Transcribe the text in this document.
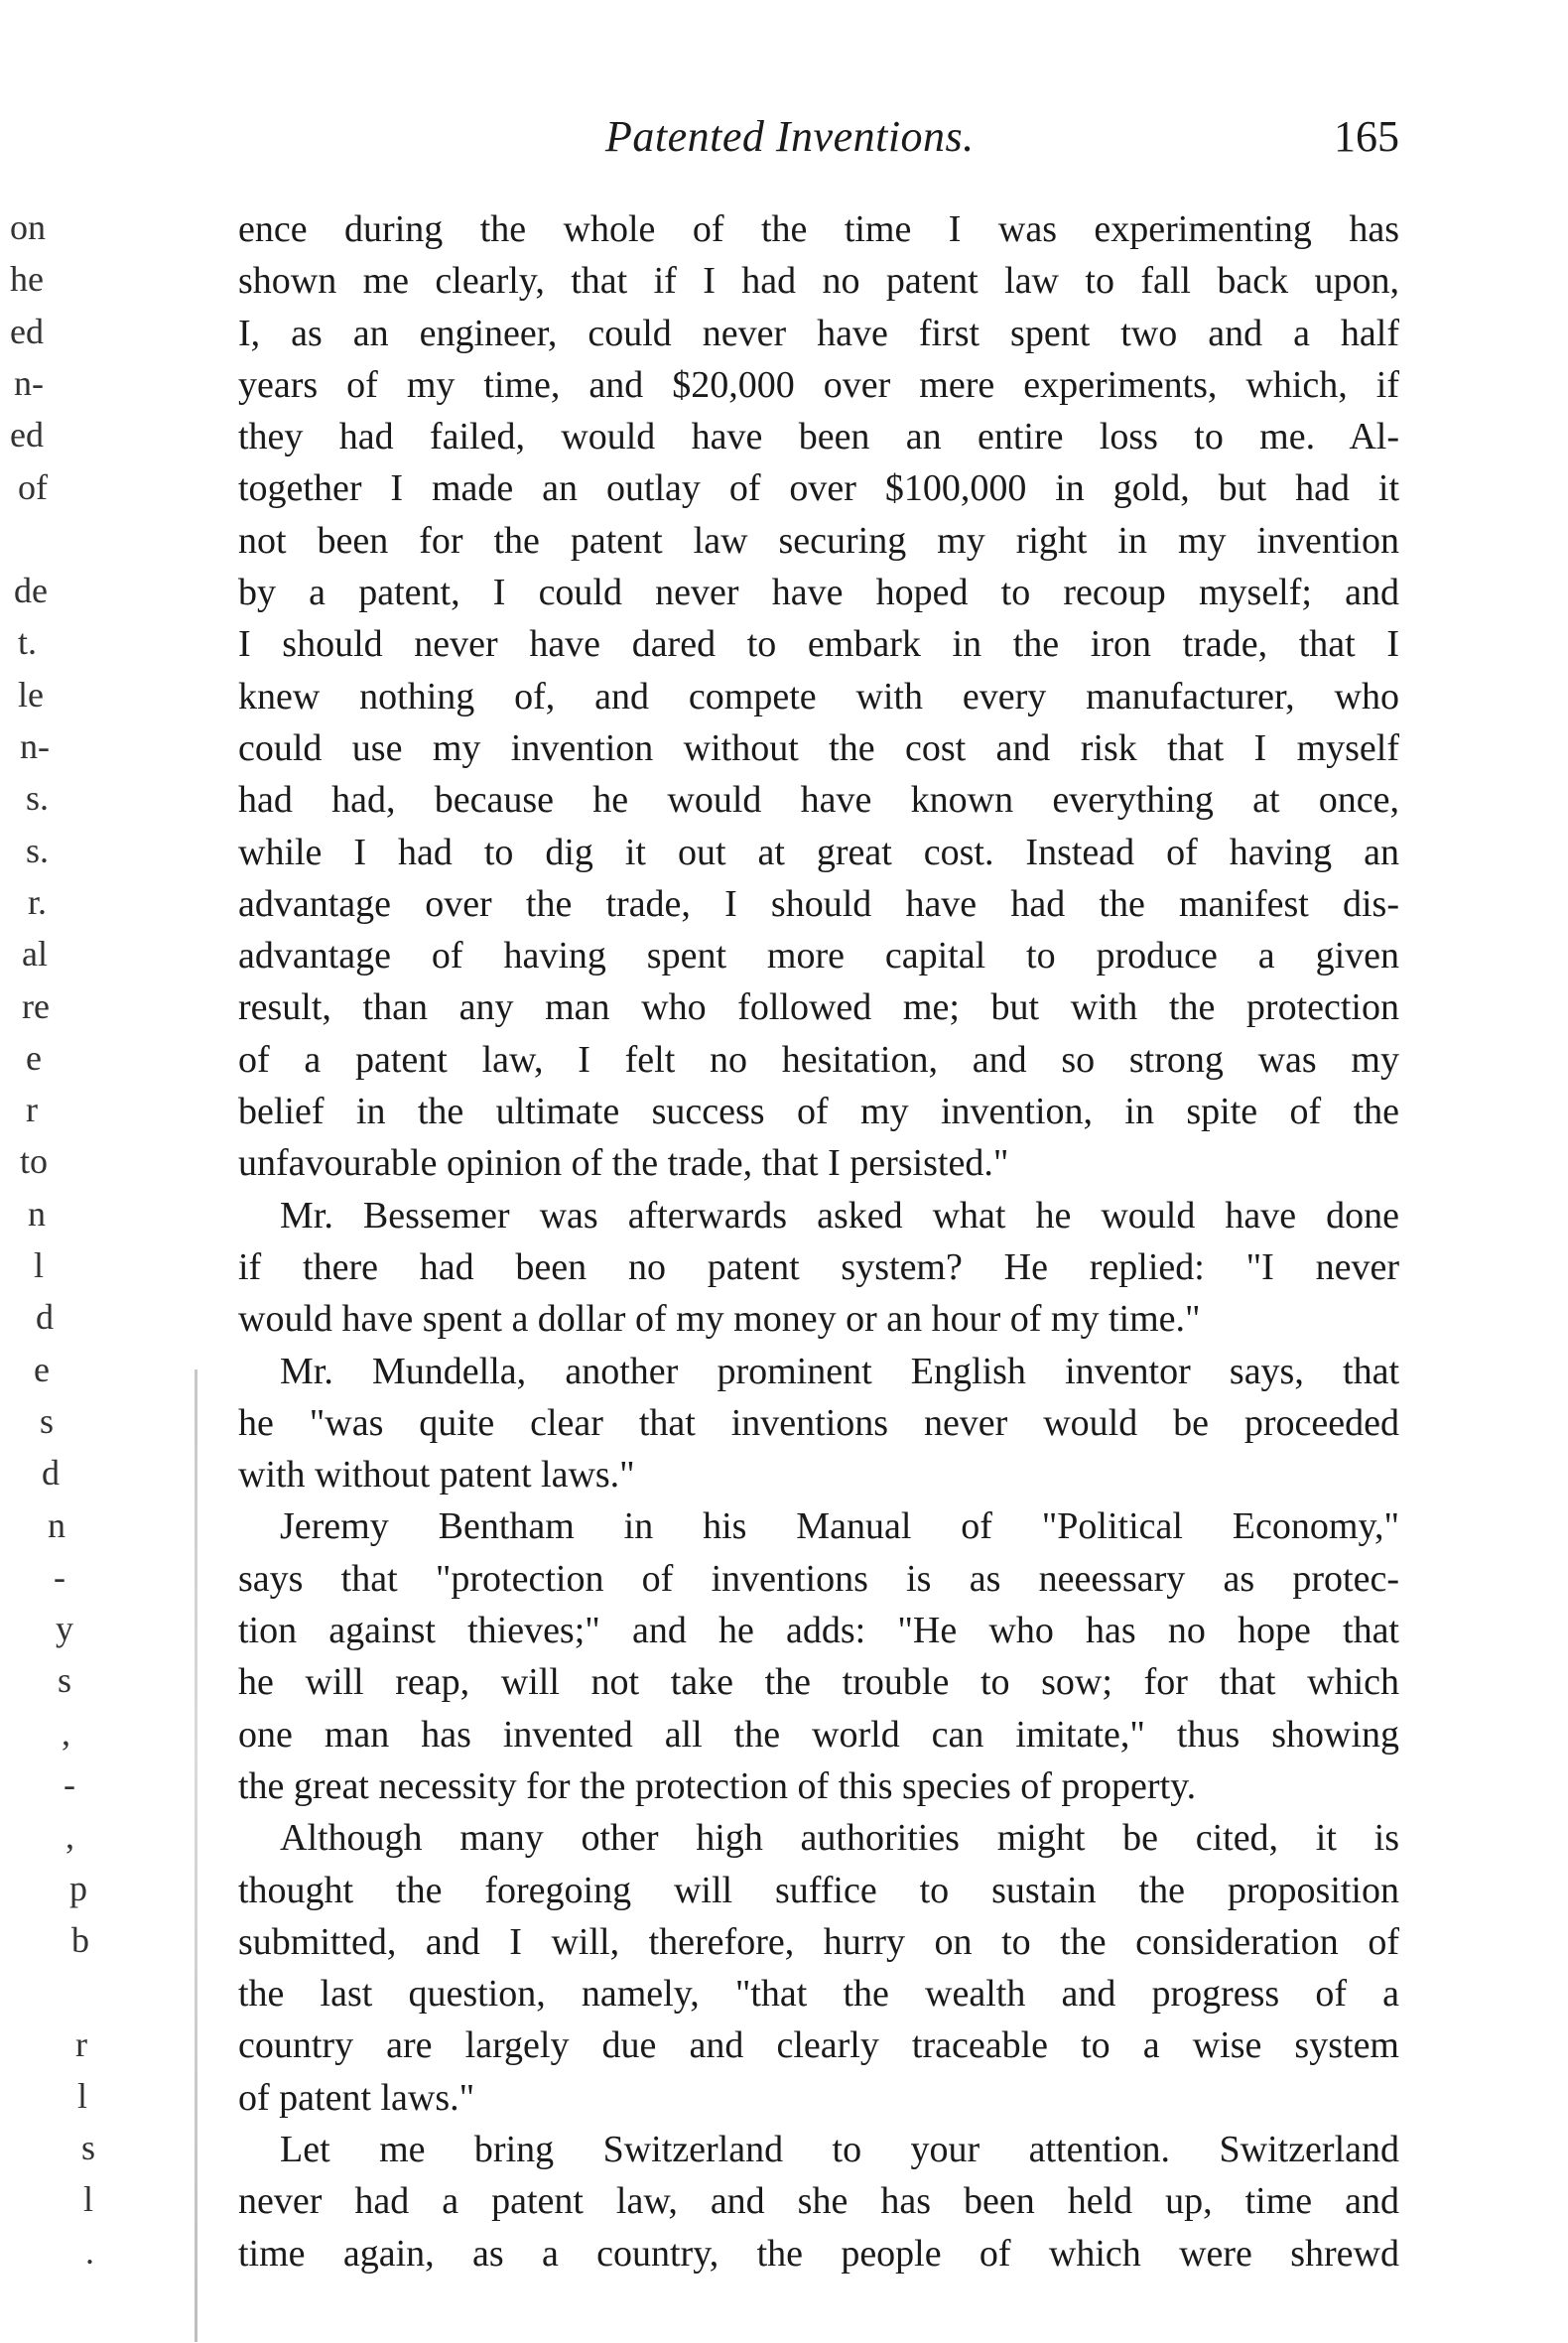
Patented Inventions.	165
on
he
ed
n-
ed
of
de
t.
le
n-
s.
s.
r.
al
re
e
r
to
n
l
d
e
s
d
n
-
y
s
,
-
,
p
b
r
l
s
l
.
ence during the whole of the time I was experimenting has
shown me clearly, that if I had no patent law to fall back upon,
I, as an engineer, could never have first spent two and a half
years of my time, and $20,000 over mere experiments, which, if
they had failed, would have been an entire loss to me. Al-
together I made an outlay of over $100,000 in gold, but had it
not been for the patent law securing my right in my invention
by a patent, I could never have hoped to recoup myself; and
I should never have dared to embark in the iron trade, that I
knew nothing of, and compete with every manufacturer, who
could use my invention without the cost and risk that I myself
had had, because he would have known everything at once,
while I had to dig it out at great cost. Instead of having an
advantage over the trade, I should have had the manifest dis-
advantage of having spent more capital to produce a given
result, than any man who followed me; but with the protection
of a patent law, I felt no hesitation, and so strong was my
belief in the ultimate success of my invention, in spite of the
unfavourable opinion of the trade, that I persisted."
Mr. Bessemer was afterwards asked what he would have done
if there had been no patent system? He replied: "I never
would have spent a dollar of my money or an hour of my time."
Mr. Mundella, another prominent English inventor says, that
he "was quite clear that inventions never would be proceeded
with without patent laws."
Jeremy Bentham in his Manual of "Political Economy,"
says that "protection of inventions is as neeessary as protec-
tion against thieves;" and he adds: "He who has no hope that
he will reap, will not take the trouble to sow; for that which
one man has invented all the world can imitate," thus showing
the great necessity for the protection of this species of property.
Although many other high authorities might be cited, it is
thought the foregoing will suffice to sustain the proposition
submitted, and I will, therefore, hurry on to the consideration of
the last question, namely, "that the wealth and progress of a
country are largely due and clearly traceable to a wise system
of patent laws."
Let me bring Switzerland to your attention. Switzerland
never had a patent law, and she has been held up, time and
time again, as a country, the people of which were shrewd
